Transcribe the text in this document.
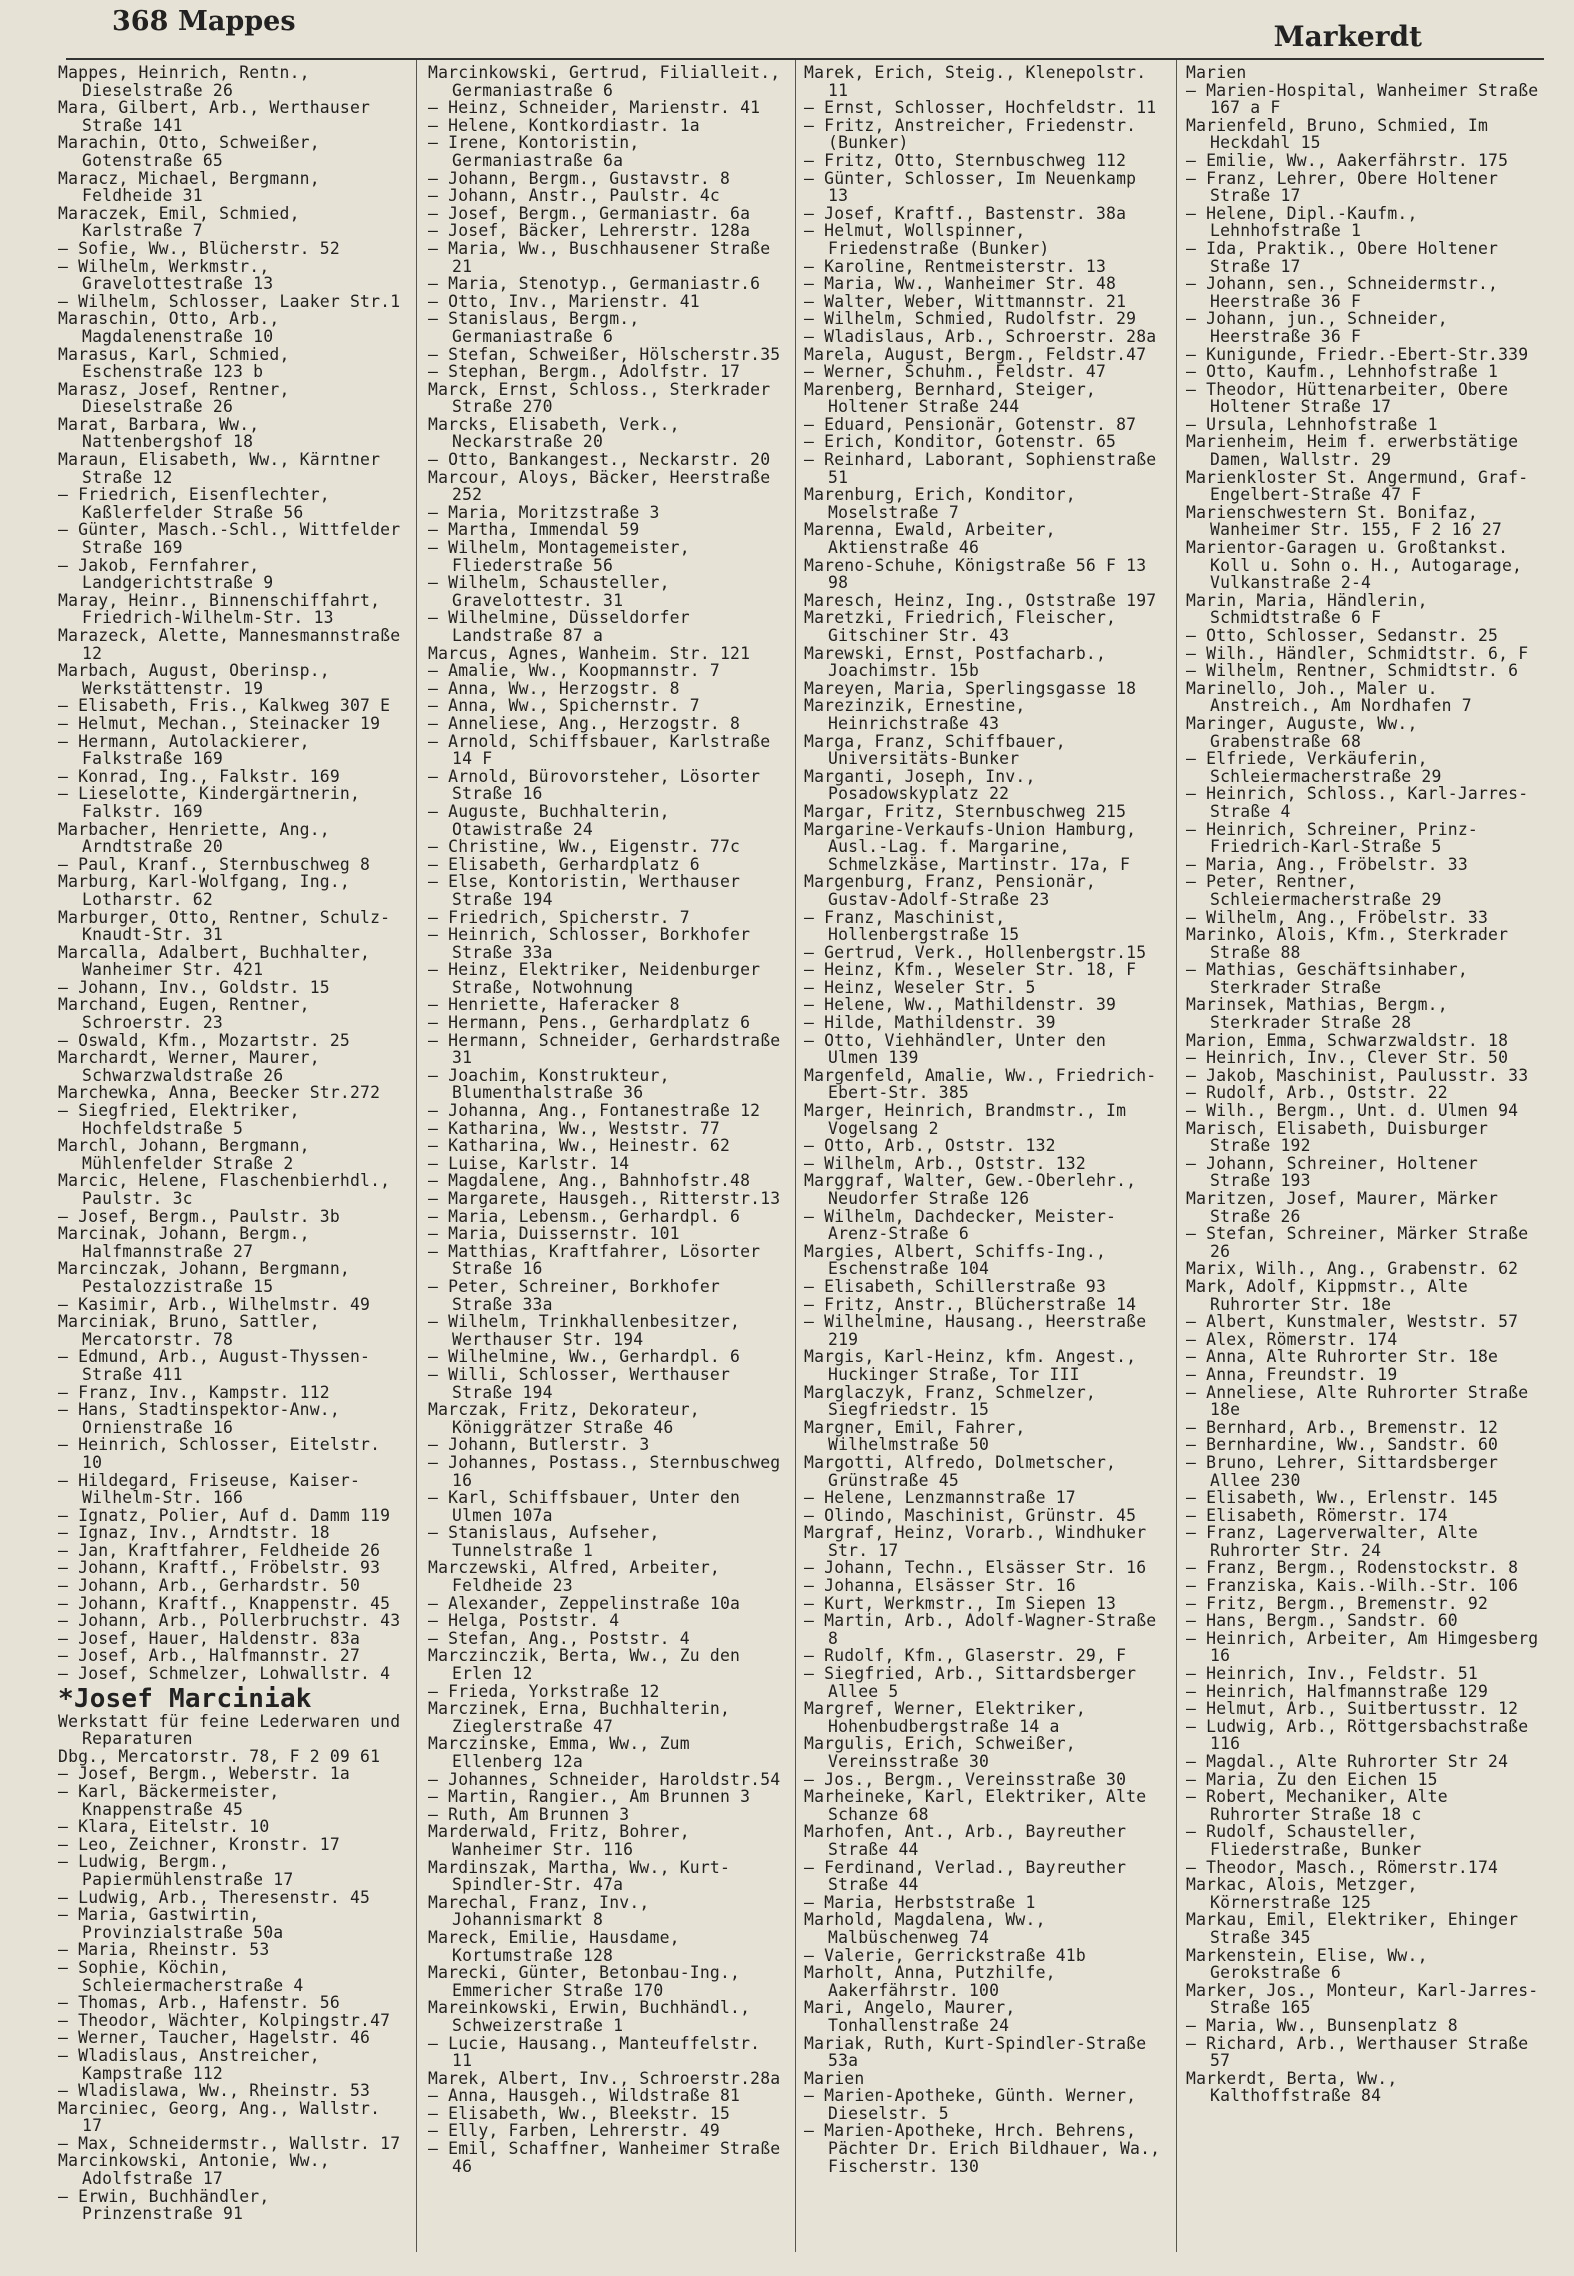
368 Mappes	Markerdt

Mappes, Heinrich, Rentn., Dieselstraße 26

Mara, Gilbert, Arb., Werthauser Straße 141

Marachin, Otto, Schweißer, Gotenstraße 65

Maracz, Michael, Bergmann, Feldheide 31

Maraczek, Emil, Schmied, Karlstraße 7

— Sofie, Ww., Blücherstr. 52

— Wilhelm, Werkmstr., Gravelottestraße 13

— Wilhelm, Schlosser, Laaker Str.1

Maraschin, Otto, Arb., Magdalenenstraße 10

Marasus, Karl, Schmied, Eschenstraße 123 b

Marasz, Josef, Rentner, Dieselstraße 26

Marat, Barbara, Ww., Nattenbergshof 18

Maraun, Elisabeth, Ww., Kärntner Straße 12

— Friedrich, Eisenflechter, Kaßlerfelder Straße 56

— Günter, Masch.-Schl., Wittfelder Straße 169

— Jakob, Fernfahrer, Landgerichtstraße 9

Maray, Heinr., Binnenschiffahrt, Friedrich-Wilhelm-Str. 13

Marazeck, Alette, Mannesmannstraße 12

Marbach, August, Oberinsp., Werkstättenstr. 19

— Elisabeth, Fris., Kalkweg 307 E

— Helmut, Mechan., Steinacker 19

— Hermann, Autolackierer, Falkstraße 169

— Konrad, Ing., Falkstr. 169

— Lieselotte, Kindergärtnerin, Falkstr. 169

Marbacher, Henriette, Ang., Arndtstraße 20

— Paul, Kranf., Sternbuschweg 8

Marburg, Karl-Wolfgang, Ing., Lotharstr. 62

Marburger, Otto, Rentner, Schulz-Knaudt-Str. 31

Marcalla, Adalbert, Buchhalter, Wanheimer Str. 421

— Johann, Inv., Goldstr. 15

Marchand, Eugen, Rentner, Schroerstr. 23

— Oswald, Kfm., Mozartstr. 25

Marchardt, Werner, Maurer, Schwarzwaldstraße 26

Marchewka, Anna, Beecker Str.272

— Siegfried, Elektriker, Hochfeldstraße 5

Marchl, Johann, Bergmann, Mühlenfelder Straße 2

Marcic, Helene, Flaschenbierhdl., Paulstr. 3c

— Josef, Bergm., Paulstr. 3b

Marcinak, Johann, Bergm., Halfmannstraße 27

Marcinczak, Johann, Bergmann, Pestalozzistraße 15

— Kasimir, Arb., Wilhelmstr. 49

Marciniak, Bruno, Sattler, Mercatorstr. 78

— Edmund, Arb., August-Thyssen-Straße 411

— Franz, Inv., Kampstr. 112

— Hans, Stadtinspektor-Anw., Ornienstraße 16

— Heinrich, Schlosser, Eitelstr. 10

— Hildegard, Friseuse, Kaiser-Wilhelm-Str. 166

— Ignatz, Polier, Auf d. Damm 119

— Ignaz, Inv., Arndtstr. 18

— Jan, Kraftfahrer, Feldheide 26

— Johann, Kraftf., Fröbelstr. 93

— Johann, Arb., Gerhardstr. 50

— Johann, Kraftf., Knappenstr. 45

— Johann, Arb., Pollerbruchstr. 43

— Josef, Hauer, Haldenstr. 83a

— Josef, Arb., Halfmannstr. 27

— Josef, Schmelzer, Lohwallstr. 4

*Josef Marciniak

Werkstatt für feine Lederwaren und Reparaturen

Dbg., Mercatorstr. 78, F 2 09 61

— Josef, Bergm., Weberstr. 1a

— Karl, Bäckermeister, Knappenstraße 45

— Klara, Eitelstr. 10

— Leo, Zeichner, Kronstr. 17

— Ludwig, Bergm., Papiermühlenstraße 17

— Ludwig, Arb., Theresenstr. 45

— Maria, Gastwirtin, Provinzialstraße 50a

— Maria, Rheinstr. 53

— Sophie, Köchin, Schleiermacherstraße 4

— Thomas, Arb., Hafenstr. 56

— Theodor, Wächter, Kolpingstr.47

— Werner, Taucher, Hagelstr. 46

— Wladislaus, Anstreicher, Kampstraße 112

— Wladislawa, Ww., Rheinstr. 53

Marciniec, Georg, Ang., Wallstr. 17

— Max, Schneidermstr., Wallstr. 17

Marcinkowski, Antonie, Ww., Adolfstraße 17

— Erwin, Buchhändler, Prinzenstraße 91

Marcinkowski, Gertrud, Filialleit., Germaniastraße 6

— Heinz, Schneider, Marienstr. 41

— Helene, Kontkordiastr. 1a

— Irene, Kontoristin, Germaniastraße 6a

— Johann, Bergm., Gustavstr. 8

— Johann, Anstr., Paulstr. 4c

— Josef, Bergm., Germaniastr. 6a

— Josef, Bäcker, Lehrerstr. 128a

— Maria, Ww., Buschhausener Straße 21

— Maria, Stenotyp., Germaniastr.6

— Otto, Inv., Marienstr. 41

— Stanislaus, Bergm., Germaniastraße 6

— Stefan, Schweißer, Hölscherstr.35

— Stephan, Bergm., Adolfstr. 17

Marck, Ernst, Schloss., Sterkrader Straße 270

Marcks, Elisabeth, Verk., Neckarstraße 20

— Otto, Bankangest., Neckarstr. 20

Marcour, Aloys, Bäcker, Heerstraße 252

— Maria, Moritzstraße 3

— Martha, Immendal 59

— Wilhelm, Montagemeister, Fliederstraße 56

— Wilhelm, Schausteller, Gravelottestr. 31

— Wilhelmine, Düsseldorfer Landstraße 87 a

Marcus, Agnes, Wanheim. Str. 121

— Amalie, Ww., Koopmannstr. 7

— Anna, Ww., Herzogstr. 8

— Anna, Ww., Spichernstr. 7

— Anneliese, Ang., Herzogstr. 8

— Arnold, Schiffsbauer, Karlstraße 14 F

— Arnold, Bürovorsteher, Lösorter Straße 16

— Auguste, Buchhalterin, Otawistraße 24

— Christine, Ww., Eigenstr. 77c

— Elisabeth, Gerhardplatz 6

— Else, Kontoristin, Werthauser Straße 194

— Friedrich, Spicherstr. 7

— Heinrich, Schlosser, Borkhofer Straße 33a

— Heinz, Elektriker, Neidenburger Straße, Notwohnung

— Henriette, Haferacker 8

— Hermann, Pens., Gerhardplatz 6

— Hermann, Schneider, Gerhardstraße 31

— Joachim, Konstrukteur, Blumenthalstraße 36

— Johanna, Ang., Fontanestraße 12

— Katharina, Ww., Weststr. 77

— Katharina, Ww., Heinestr. 62

— Luise, Karlstr. 14

— Magdalene, Ang., Bahnhofstr.48

— Margarete, Hausgeh., Ritterstr.13

— Maria, Lebensm., Gerhardpl. 6

— Maria, Duissernstr. 101

— Matthias, Kraftfahrer, Lösorter Straße 16

— Peter, Schreiner, Borkhofer Straße 33a

— Wilhelm, Trinkhallenbesitzer, Werthauser Str. 194

— Wilhelmine, Ww., Gerhardpl. 6

— Willi, Schlosser, Werthauser Straße 194

Marczak, Fritz, Dekorateur, Königgrätzer Straße 46

— Johann, Butlerstr. 3

— Johannes, Postass., Sternbuschweg 16

— Karl, Schiffsbauer, Unter den Ulmen 107a

— Stanislaus, Aufseher, Tunnelstraße 1

Marczewski, Alfred, Arbeiter, Feldheide 23

— Alexander, Zeppelinstraße 10a

— Helga, Poststr. 4

— Stefan, Ang., Poststr. 4

Marczinczik, Berta, Ww., Zu den Erlen 12

— Frieda, Yorkstraße 12

Marczinek, Erna, Buchhalterin, Zieglerstraße 47

Marczinske, Emma, Ww., Zum Ellenberg 12a

— Johannes, Schneider, Haroldstr.54

— Martin, Rangier., Am Brunnen 3

— Ruth, Am Brunnen 3

Marderwald, Fritz, Bohrer, Wanheimer Str. 116

Mardinszak, Martha, Ww., Kurt-Spindler-Str. 47a

Marechal, Franz, Inv., Johannismarkt 8

Mareck, Emilie, Hausdame, Kortumstraße 128

Marecki, Günter, Betonbau-Ing., Emmericher Straße 170

Mareinkowski, Erwin, Buchhändl., Schweizerstraße 1

— Lucie, Hausang., Manteuffelstr. 11

Marek, Albert, Inv., Schroerstr.28a

— Anna, Hausgeh., Wildstraße 81

— Elisabeth, Ww., Bleekstr. 15

— Elly, Farben, Lehrerstr. 49

— Emil, Schaffner, Wanheimer Straße 46

Marek, Erich, Steig., Klenepolstr. 11

— Ernst, Schlosser, Hochfeldstr. 11

— Fritz, Anstreicher, Friedenstr. (Bunker)

— Fritz, Otto, Sternbuschweg 112

— Günter, Schlosser, Im Neuenkamp 13

— Josef, Kraftf., Bastenstr. 38a

— Helmut, Wollspinner, Friedenstraße (Bunker)

— Karoline, Rentmeisterstr. 13

— Maria, Ww., Wanheimer Str. 48

— Walter, Weber, Wittmannstr. 21

— Wilhelm, Schmied, Rudolfstr. 29

— Wladislaus, Arb., Schroerstr. 28a

Marela, August, Bergm., Feldstr.47

— Werner, Schuhm., Feldstr. 47

Marenberg, Bernhard, Steiger, Holtener Straße 244

— Eduard, Pensionär, Gotenstr. 87

— Erich, Konditor, Gotenstr. 65

— Reinhard, Laborant, Sophienstraße 51

Marenburg, Erich, Konditor, Moselstraße 7

Marenna, Ewald, Arbeiter, Aktienstraße 46

Mareno-Schuhe, Königstraße 56 F 13 98

Maresch, Heinz, Ing., Oststraße 197

Maretzki, Friedrich, Fleischer, Gitschiner Str. 43

Marewski, Ernst, Postfacharb., Joachimstr. 15b

Mareyen, Maria, Sperlingsgasse 18

Marezinzik, Ernestine, Heinrichstraße 43

Marga, Franz, Schiffbauer, Universitäts-Bunker

Marganti, Joseph, Inv., Posadowskyplatz 22

Margar, Fritz, Sternbuschweg 215

Margarine-Verkaufs-Union Hamburg, Ausl.-Lag. f. Margarine, Schmelzkäse, Martinstr. 17a, F

Margenburg, Franz, Pensionär, Gustav-Adolf-Straße 23

— Franz, Maschinist, Hollenbergstraße 15

— Gertrud, Verk., Hollenbergstr.15

— Heinz, Kfm., Weseler Str. 18, F

— Heinz, Weseler Str. 5

— Helene, Ww., Mathildenstr. 39

— Hilde, Mathildenstr. 39

— Otto, Viehhändler, Unter den Ulmen 139

Margenfeld, Amalie, Ww., Friedrich-Ebert-Str. 385

Marger, Heinrich, Brandmstr., Im Vogelsang 2

— Otto, Arb., Oststr. 132

— Wilhelm, Arb., Oststr. 132

Marggraf, Walter, Gew.-Oberlehr., Neudorfer Straße 126

— Wilhelm, Dachdecker, Meister-Arenz-Straße 6

Margies, Albert, Schiffs-Ing., Eschenstraße 104

— Elisabeth, Schillerstraße 93

— Fritz, Anstr., Blücherstraße 14

— Wilhelmine, Hausang., Heerstraße 219

Margis, Karl-Heinz, kfm. Angest., Huckinger Straße, Tor III

Marglaczyk, Franz, Schmelzer, Siegfriedstr. 15

Margner, Emil, Fahrer, Wilhelmstraße 50

Margotti, Alfredo, Dolmetscher, Grünstraße 45

— Helene, Lenzmannstraße 17

— Olindo, Maschinist, Grünstr. 45

Margraf, Heinz, Vorarb., Windhuker Str. 17

— Johann, Techn., Elsässer Str. 16

— Johanna, Elsässer Str. 16

— Kurt, Werkmstr., Im Siepen 13

— Martin, Arb., Adolf-Wagner-Straße 8

— Rudolf, Kfm., Glaserstr. 29, F

— Siegfried, Arb., Sittardsberger Allee 5

Margref, Werner, Elektriker, Hohenbudbergstraße 14 a

Margulis, Erich, Schweißer, Vereinsstraße 30

— Jos., Bergm., Vereinsstraße 30

Marheineke, Karl, Elektriker, Alte Schanze 68

Marhofen, Ant., Arb., Bayreuther Straße 44

— Ferdinand, Verlad., Bayreuther Straße 44

— Maria, Herbststraße 1

Marhold, Magdalena, Ww., Malbüschenweg 74

— Valerie, Gerrickstraße 41b

Marholt, Anna, Putzhilfe, Aakerfährstr. 100

Mari, Angelo, Maurer, Tonhallenstraße 24

Mariak, Ruth, Kurt-Spindler-Straße 53a

Marien

— Marien-Apotheke, Günth. Werner, Dieselstr. 5

— Marien-Apotheke, Hrch. Behrens, Pächter Dr. Erich Bildhauer, Wa., Fischerstr. 130

Marien

— Marien-Hospital, Wanheimer Straße 167 a F

Marienfeld, Bruno, Schmied, Im Heckdahl 15

— Emilie, Ww., Aakerfährstr. 175

— Franz, Lehrer, Obere Holtener Straße 17

— Helene, Dipl.-Kaufm., Lehnhofstraße 1

— Ida, Praktik., Obere Holtener Straße 17

— Johann, sen., Schneidermstr., Heerstraße 36 F

— Johann, jun., Schneider, Heerstraße 36 F

— Kunigunde, Friedr.-Ebert-Str.339

— Otto, Kaufm., Lehnhofstraße 1

— Theodor, Hüttenarbeiter, Obere Holtener Straße 17

— Ursula, Lehnhofstraße 1

Marienheim, Heim f. erwerbstätige Damen, Wallstr. 29

Marienkloster St. Angermund, Graf-Engelbert-Straße 47 F

Marienschwestern St. Bonifaz, Wanheimer Str. 155, F 2 16 27

Marientor-Garagen u. Großtankst. Koll u. Sohn o. H., Autogarage, Vulkanstraße 2-4

Marin, Maria, Händlerin, Schmidtstraße 6 F

— Otto, Schlosser, Sedanstr. 25

— Wilh., Händler, Schmidtstr. 6, F

— Wilhelm, Rentner, Schmidtstr. 6

Marinello, Joh., Maler u. Anstreich., Am Nordhafen 7

Maringer, Auguste, Ww., Grabenstraße 68

— Elfriede, Verkäuferin, Schleiermacherstraße 29

— Heinrich, Schloss., Karl-Jarres-Straße 4

— Heinrich, Schreiner, Prinz-Friedrich-Karl-Straße 5

— Maria, Ang., Fröbelstr. 33

— Peter, Rentner, Schleiermacherstraße 29

— Wilhelm, Ang., Fröbelstr. 33

Marinko, Alois, Kfm., Sterkrader Straße 88

— Mathias, Geschäftsinhaber, Sterkrader Straße

Marinsek, Mathias, Bergm., Sterkrader Straße 28

Marion, Emma, Schwarzwaldstr. 18

— Heinrich, Inv., Clever Str. 50

— Jakob, Maschinist, Paulusstr. 33

— Rudolf, Arb., Oststr. 22

— Wilh., Bergm., Unt. d. Ulmen 94

Marisch, Elisabeth, Duisburger Straße 192

— Johann, Schreiner, Holtener Straße 193

Maritzen, Josef, Maurer, Märker Straße 26

— Stefan, Schreiner, Märker Straße 26

Marix, Wilh., Ang., Grabenstr. 62

Mark, Adolf, Kippmstr., Alte Ruhrorter Str. 18e

— Albert, Kunstmaler, Weststr. 57

— Alex, Römerstr. 174

— Anna, Alte Ruhrorter Str. 18e

— Anna, Freundstr. 19

— Anneliese, Alte Ruhrorter Straße 18e

— Bernhard, Arb., Bremenstr. 12

— Bernhardine, Ww., Sandstr. 60

— Bruno, Lehrer, Sittardsberger Allee 230

— Elisabeth, Ww., Erlenstr. 145

— Elisabeth, Römerstr. 174

— Franz, Lagerverwalter, Alte Ruhrorter Str. 24

— Franz, Bergm., Rodenstockstr. 8

— Franziska, Kais.-Wilh.-Str. 106

— Fritz, Bergm., Bremenstr. 92

— Hans, Bergm., Sandstr. 60

— Heinrich, Arbeiter, Am Himgesberg 16

— Heinrich, Inv., Feldstr. 51

— Heinrich, Halfmannstraße 129

— Helmut, Arb., Suitbertusstr. 12

— Ludwig, Arb., Röttgersbachstraße 116

— Magdal., Alte Ruhrorter Str 24

— Maria, Zu den Eichen 15

— Robert, Mechaniker, Alte Ruhrorter Straße 18 c

— Rudolf, Schausteller, Fliederstraße, Bunker

— Theodor, Masch., Römerstr.174

Markac, Alois, Metzger, Körnerstraße 125

Markau, Emil, Elektriker, Ehinger Straße 345

Markenstein, Elise, Ww., Gerokstraße 6

Marker, Jos., Monteur, Karl-Jarres-Straße 165

— Maria, Ww., Bunsenplatz 8

— Richard, Arb., Werthauser Straße 57

Markerdt, Berta, Ww., Kalthoffstraße 84
